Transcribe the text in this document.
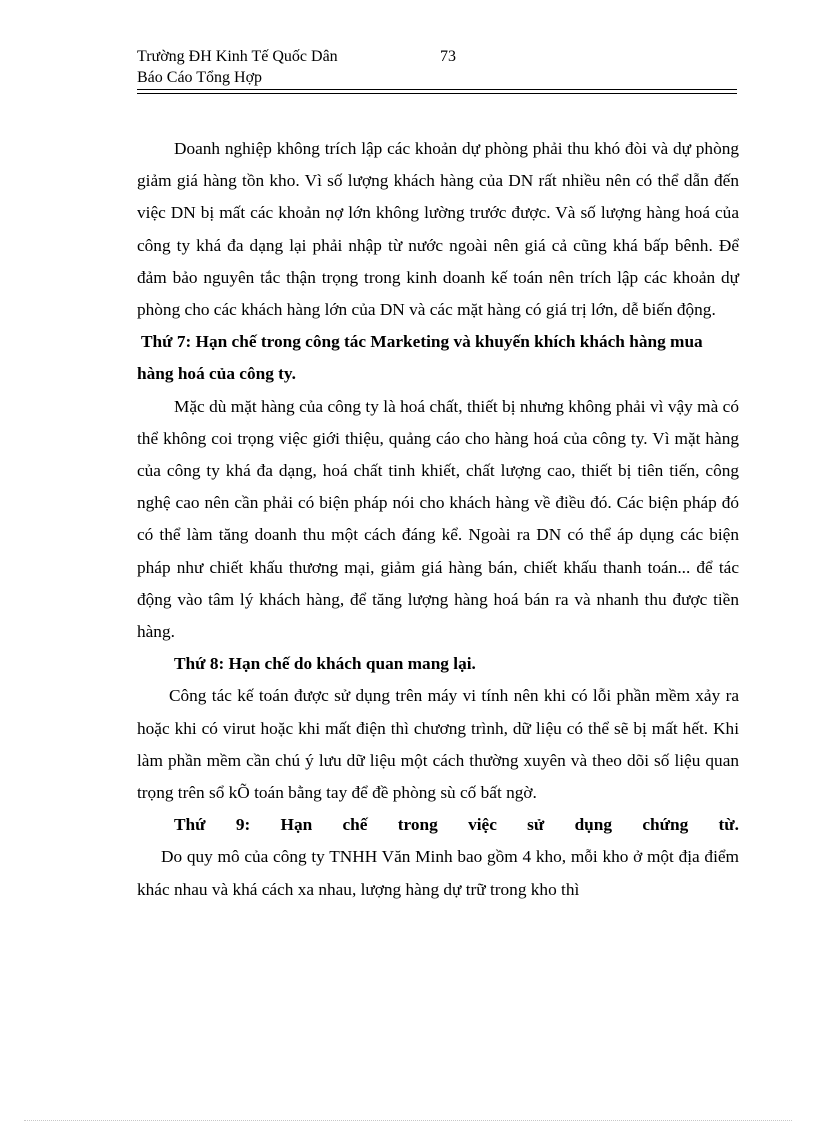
Trường ĐH Kinh Tế Quốc Dân	73
Báo Cáo Tổng Hợp

Doanh nghiệp không trích lập các khoản dự phòng phải thu khó đòi và dự phòng giảm giá hàng tồn kho. Vì số lượng khách hàng của DN rất nhiều nên có thể dẫn đến việc DN bị mất các khoản nợ lớn không lường trước được. Và số lượng hàng hoá của công ty khá đa dạng lại phải nhập từ nước ngoài nên giá cả cũng khá bấp bênh. Để đảm bảo nguyên tắc thận trọng trong kinh doanh kế toán nên trích lập các khoản dự phòng cho các khách hàng lớn của DN và các mặt hàng có giá trị lớn, dễ biến động.

Thứ 7: Hạn chế trong công tác Marketing và khuyến khích khách hàng mua hàng hoá của công ty.

Mặc dù mặt hàng của công ty là hoá chất, thiết bị nhưng không phải vì vậy mà có thể không coi trọng việc giới thiệu, quảng cáo cho hàng hoá của công ty. Vì mặt hàng của công ty khá đa dạng, hoá chất tinh khiết, chất lượng cao, thiết bị tiên tiến, công nghệ cao nên cần phải có biện pháp nói cho khách hàng về điều đó. Các biện pháp đó có thể làm tăng doanh thu một cách đáng kể. Ngoài ra DN có thể áp dụng các biện pháp như chiết khấu thương mại, giảm giá hàng bán, chiết khấu thanh toán... để tác động vào tâm lý khách hàng, để tăng lượng hàng hoá bán ra và nhanh thu được tiền hàng.

Thứ 8: Hạn chế do khách quan mang lại.

Công tác kế toán được sử dụng trên máy vi tính nên khi có lỗi phần mềm xảy ra hoặc khi có virut hoặc khi mất điện thì chương trình, dữ liệu có thể sẽ bị mất hết. Khi làm phần mềm cần chú ý lưu dữ liệu một cách thường xuyên và theo dõi số liệu quan trọng trên sổ kÕ toán bằng tay để đề phòng sù cố bất ngờ.

Thứ 9: Hạn chế trong việc sử dụng chứng từ.

Do quy mô của công ty TNHH Văn Minh bao gồm 4 kho, mỗi kho ở một địa điểm khác nhau và khá cách xa nhau, lượng hàng dự trữ trong kho thì
